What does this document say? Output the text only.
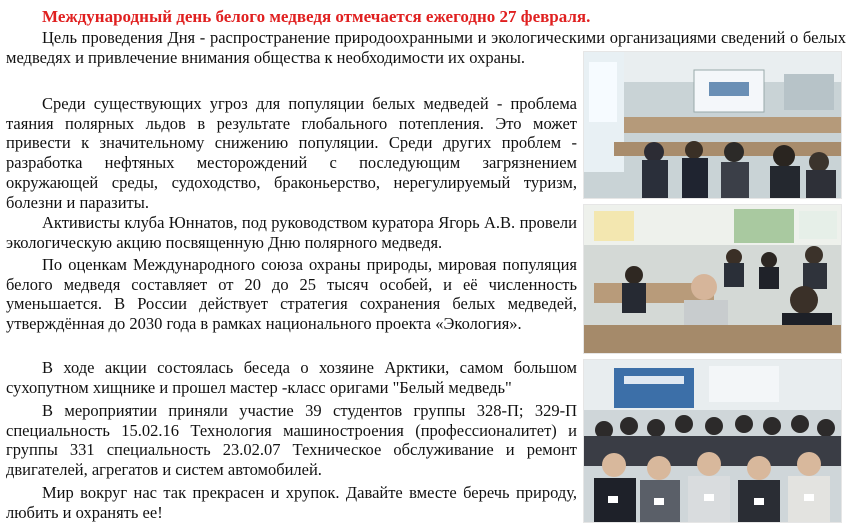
Международный день белого медведя отмечается ежегодно 27 февраля.

Цель проведения Дня - распространение природоохранными и экологическими организациями сведений о белых медведях и привлечение внимания общества к необходимости их охраны.

Среди существующих угроз для популяции белых медведей - проблема таяния полярных льдов в результате глобального потепления. Это может привести к значительному снижению популяции. Среди других проблем - разработка нефтяных месторождений с последующим загрязнением окружающей среды, судоходство, браконьерство, нерегулируемый туризм, болезни и паразиты.

Активисты клуба Юннатов, под руководством куратора Ягорь А.В. провели экологическую акцию посвященную Дню полярного медведя.

По оценкам Международного союза охраны природы, мировая популяция белого медведя составляет от 20 до 25 тысяч особей, и её численность уменьшается. В России действует стратегия сохранения белых медведей, утверждённая до 2030 года в рамках национального проекта «Экология».

В ходе акции состоялась беседа о хозяине Арктики, самом большом сухопутном хищнике и прошел мастер -класс оригами "Белый медведь"

В мероприятии приняли участие 39 студентов группы 328-П; 329-П специальность 15.02.16 Технология машиностроения (профессионалитет) и группы 331 специальность 23.02.07 Техническое обслуживание и ремонт двигателей, агрегатов и систем автомобилей.

Мир вокруг нас так прекрасен и хрупок. Давайте вместе беречь природу, любить и охранять ее!
